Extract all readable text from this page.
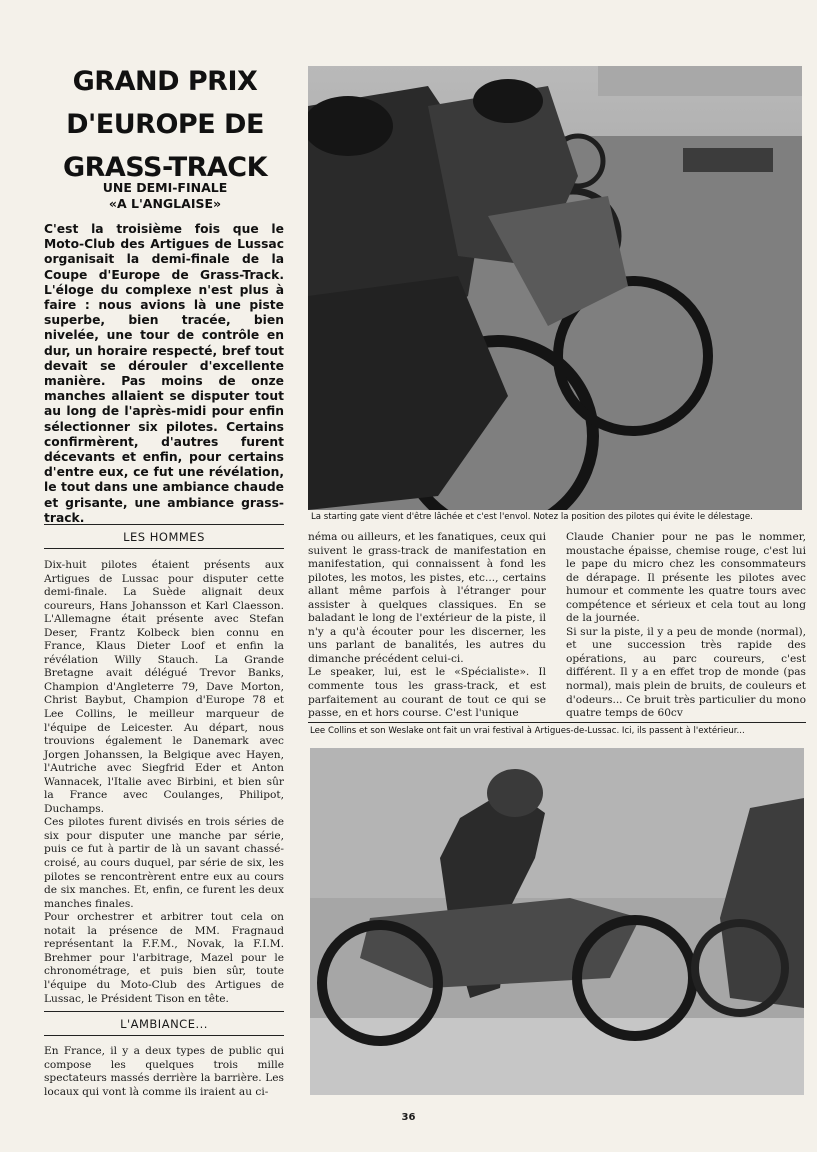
GRAND PRIX
D'EUROPE DE
GRASS-TRACK
UNE DEMI-FINALE
«A L'ANGLAISE»
C'est la troisième fois que le Moto-Club des Artigues de Lussac organisait la demi-finale de la Coupe d'Europe de Grass-Track. L'éloge du complexe n'est plus à faire : nous avions là une piste superbe, bien tracée, bien nivelée, une tour de contrôle en dur, un horaire respecté, bref tout devait se dérouler d'excellente manière. Pas moins de onze manches allaient se disputer tout au long de l'après-midi pour enfin sélectionner six pilotes. Certains confirmèrent, d'autres furent décevants et enfin, pour certains d'entre eux, ce fut une révélation, le tout dans une ambiance chaude et grisante, une ambiance grass-track.
LES HOMMES

Dix-huit pilotes étaient présents aux Artigues de Lussac pour disputer cette demi-finale. La Suède alignait deux coureurs, Hans Johansson et Karl Claesson. L'Allemagne était présente avec Stefan Deser, Frantz Kolbeck bien connu en France, Klaus Dieter Loof et enfin la révélation Willy Stauch. La Grande Bretagne avait délégué Trevor Banks, Champion d'Angleterre 79, Dave Morton, Christ Baybut, Champion d'Europe 78 et Lee Collins, le meilleur marqueur de l'équipe de Leicester. Au départ, nous trouvions également le Danemark avec Jorgen Johanssen, la Belgique avec Hayen, l'Autriche avec Siegfrid Eder et Anton Wannacek, l'Italie avec Birbini, et bien sûr la France avec Coulanges, Philipot, Duchamps.

Ces pilotes furent divisés en trois séries de six pour disputer une manche par série, puis ce fut à partir de là un savant chassé-croisé, au cours duquel, par série de six, les pilotes se rencontrèrent entre eux au cours de six manches. Et, enfin, ce furent les deux manches finales.

Pour orchestrer et arbitrer tout cela on notait la présence de MM. Fragnaud représentant la F.F.M., Novak, la F.I.M. Brehmer pour l'arbitrage, Mazel pour le chronométrage, et puis bien sûr, toute l'équipe du Moto-Club des Artigues de Lussac, le Président Tison en tête.

L'AMBIANCE...

En France, il y a deux types de public qui compose les quelques trois mille spectateurs massés derrière la barrière. Les locaux qui vont là comme ils iraient au ci-

La starting gate vient d'être lâchée et c'est l'envol. Notez la position des pilotes qui évite le délestage.

néma ou ailleurs, et les fanatiques, ceux qui suivent le grass-track de manifestation en manifestation, qui connaissent à fond les pilotes, les motos, les pistes, etc..., certains allant même parfois à l'étranger pour assister à quelques classiques. En se baladant le long de l'extérieur de la piste, il n'y a qu'à écouter pour les discerner, les uns parlant de banalités, les autres du dimanche précédent celui-ci.

Le speaker, lui, est le «Spécialiste». Il commente tous les grass-track, et est parfaitement au courant de tout ce qui se passe, en et hors course. C'est l'unique

Claude Chanier pour ne pas le nommer, moustache épaisse, chemise rouge, c'est lui le pape du micro chez les consommateurs de dérapage. Il présente les pilotes avec humour et commente les quatre tours avec compétence et sérieux et cela tout au long de la journée.

Si sur la piste, il y a peu de monde (normal), et une succession très rapide des opérations, au parc coureurs, c'est différent. Il y a en effet trop de monde (pas normal), mais plein de bruits, de couleurs et d'odeurs... Ce bruit très particulier du mono quatre temps de 60cv

Lee Collins et son Weslake ont fait un vrai festival à Artigues-de-Lussac. Ici, ils passent à l'extérieur...
36
